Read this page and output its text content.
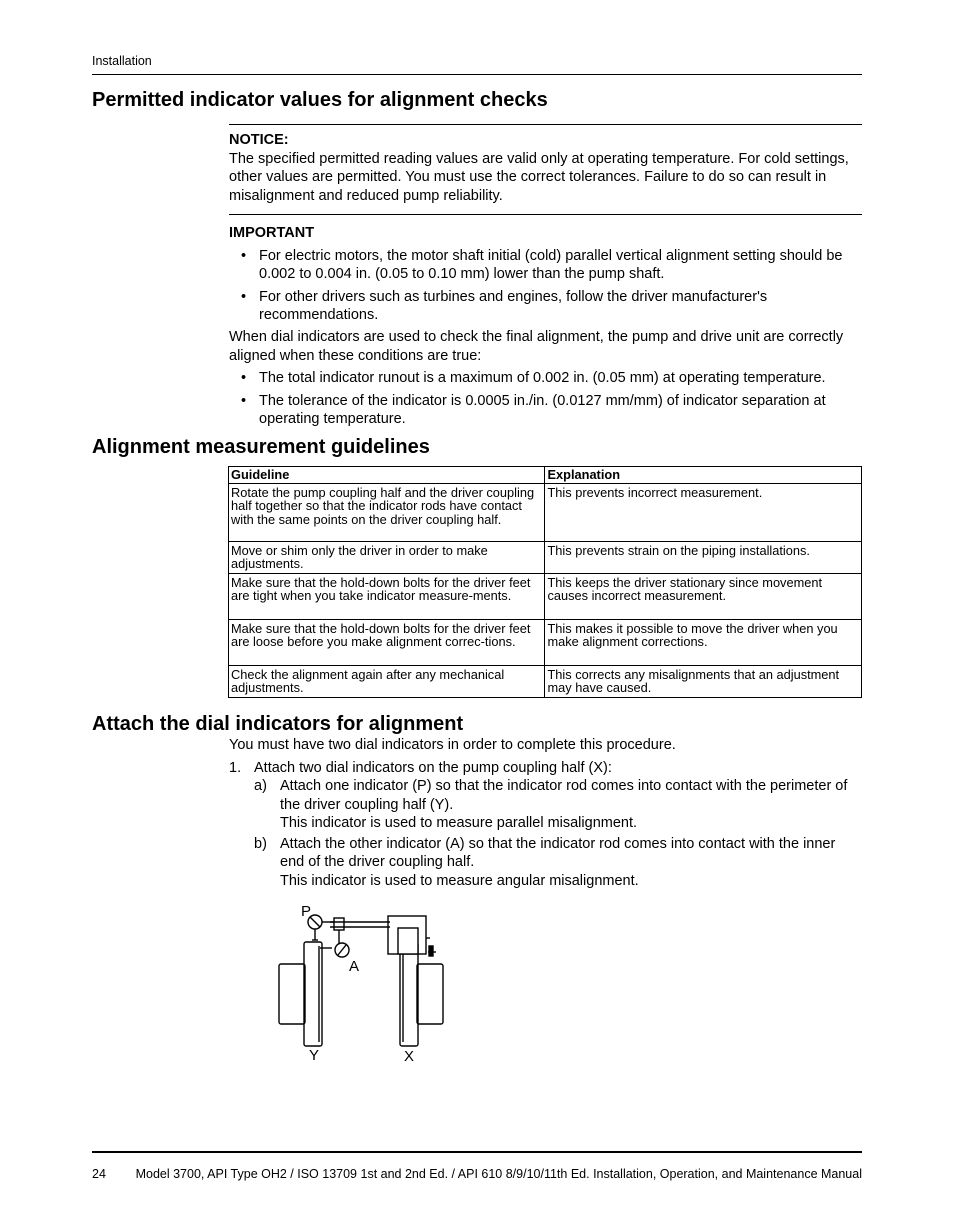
Installation
Permitted indicator values for alignment checks
NOTICE:
The specified permitted reading values are valid only at operating temperature. For cold settings, other values are permitted. You must use the correct tolerances. Failure to do so can result in misalignment and reduced pump reliability.
IMPORTANT
• For electric motors, the motor shaft initial (cold) parallel vertical alignment setting should be 0.002 to 0.004 in. (0.05 to 0.10 mm) lower than the pump shaft.
• For other drivers such as turbines and engines, follow the driver manufacturer's recommendations.
When dial indicators are used to check the final alignment, the pump and drive unit are correctly aligned when these conditions are true:
• The total indicator runout is a maximum of 0.002 in. (0.05 mm) at operating temperature.
• The tolerance of the indicator is 0.0005 in./in. (0.0127 mm/mm) of indicator separation at operating temperature.
Alignment measurement guidelines
Guideline	Explanation
Rotate the pump coupling half and the driver coupling half together so that the indicator rods have contact with the same points on the driver coupling half.	This prevents incorrect measurement.
Move or shim only the driver in order to make adjustments.	This prevents strain on the piping installations.
Make sure that the hold-down bolts for the driver feet are tight when you take indicator measure-ments.	This keeps the driver stationary since movement causes incorrect measurement.
Make sure that the hold-down bolts for the driver feet are loose before you make alignment correc-tions.	This makes it possible to move the driver when you make alignment corrections.
Check the alignment again after any mechanical adjustments.	This corrects any misalignments that an adjustment may have caused.
Attach the dial indicators for alignment
You must have two dial indicators in order to complete this procedure.
1. Attach two dial indicators on the pump coupling half (X):
a) Attach one indicator (P) so that the indicator rod comes into contact with the perimeter of the driver coupling half (Y).
This indicator is used to measure parallel misalignment.
b) Attach the other indicator (A) so that the indicator rod comes into contact with the inner end of the driver coupling half.
This indicator is used to measure angular misalignment.
P
A
Y	X
24	Model 3700, API Type OH2 / ISO 13709 1st and 2nd Ed. / API 610 8/9/10/11th Ed. Installation, Operation, and Maintenance Manual
